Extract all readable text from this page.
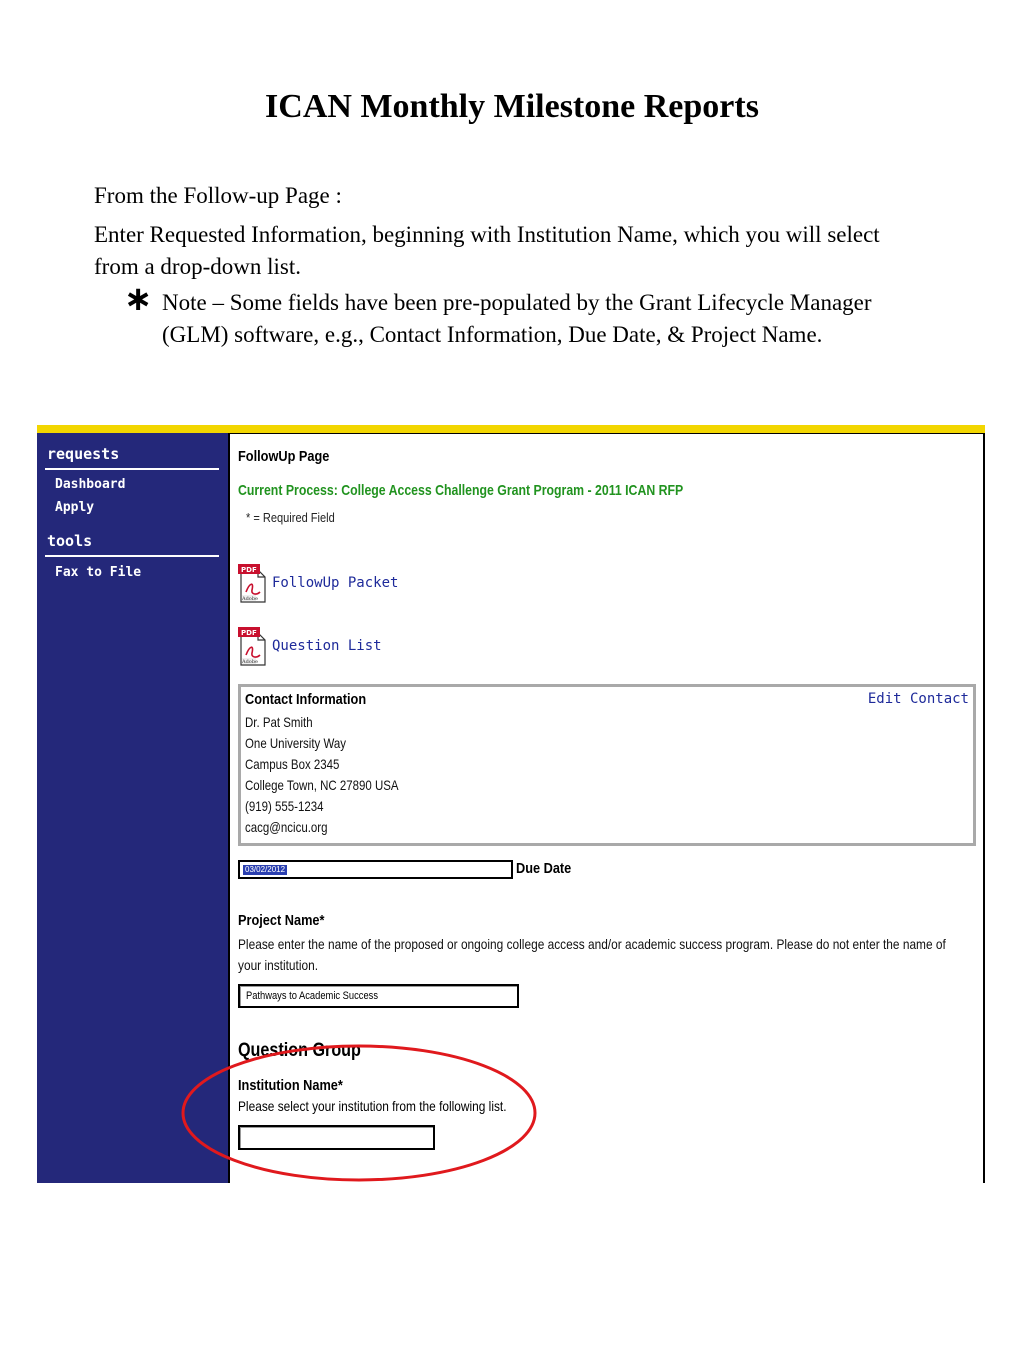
ICAN Monthly Milestone Reports

From the Follow-up Page :

Enter Requested Information, beginning with Institution Name, which you will select from a drop-down list.

∗ Note – Some fields have been pre-populated by the Grant Lifecycle Manager (GLM) software, e.g., Contact Information, Due Date, & Project Name.
requests
Dashboard
Apply
tools
Fax to File
FollowUp Page
Current Process: College Access Challenge Grant Program - 2011 ICAN RFP
* = Required Field
PDF
Adobe
FollowUp Packet
PDF
Adobe
Question List
Contact Information	Edit Contact
Dr. Pat Smith
One University Way
Campus Box 2345
College Town, NC 27890 USA
(919) 555-1234
cacg@ncicu.org
03/02/2012	Due Date
Project Name*
Please enter the name of the proposed or ongoing college access and/or academic success program. Please do not enter the name of your institution.
Pathways to Academic Success
Question Group
Institution Name*
Please select your institution from the following list.
